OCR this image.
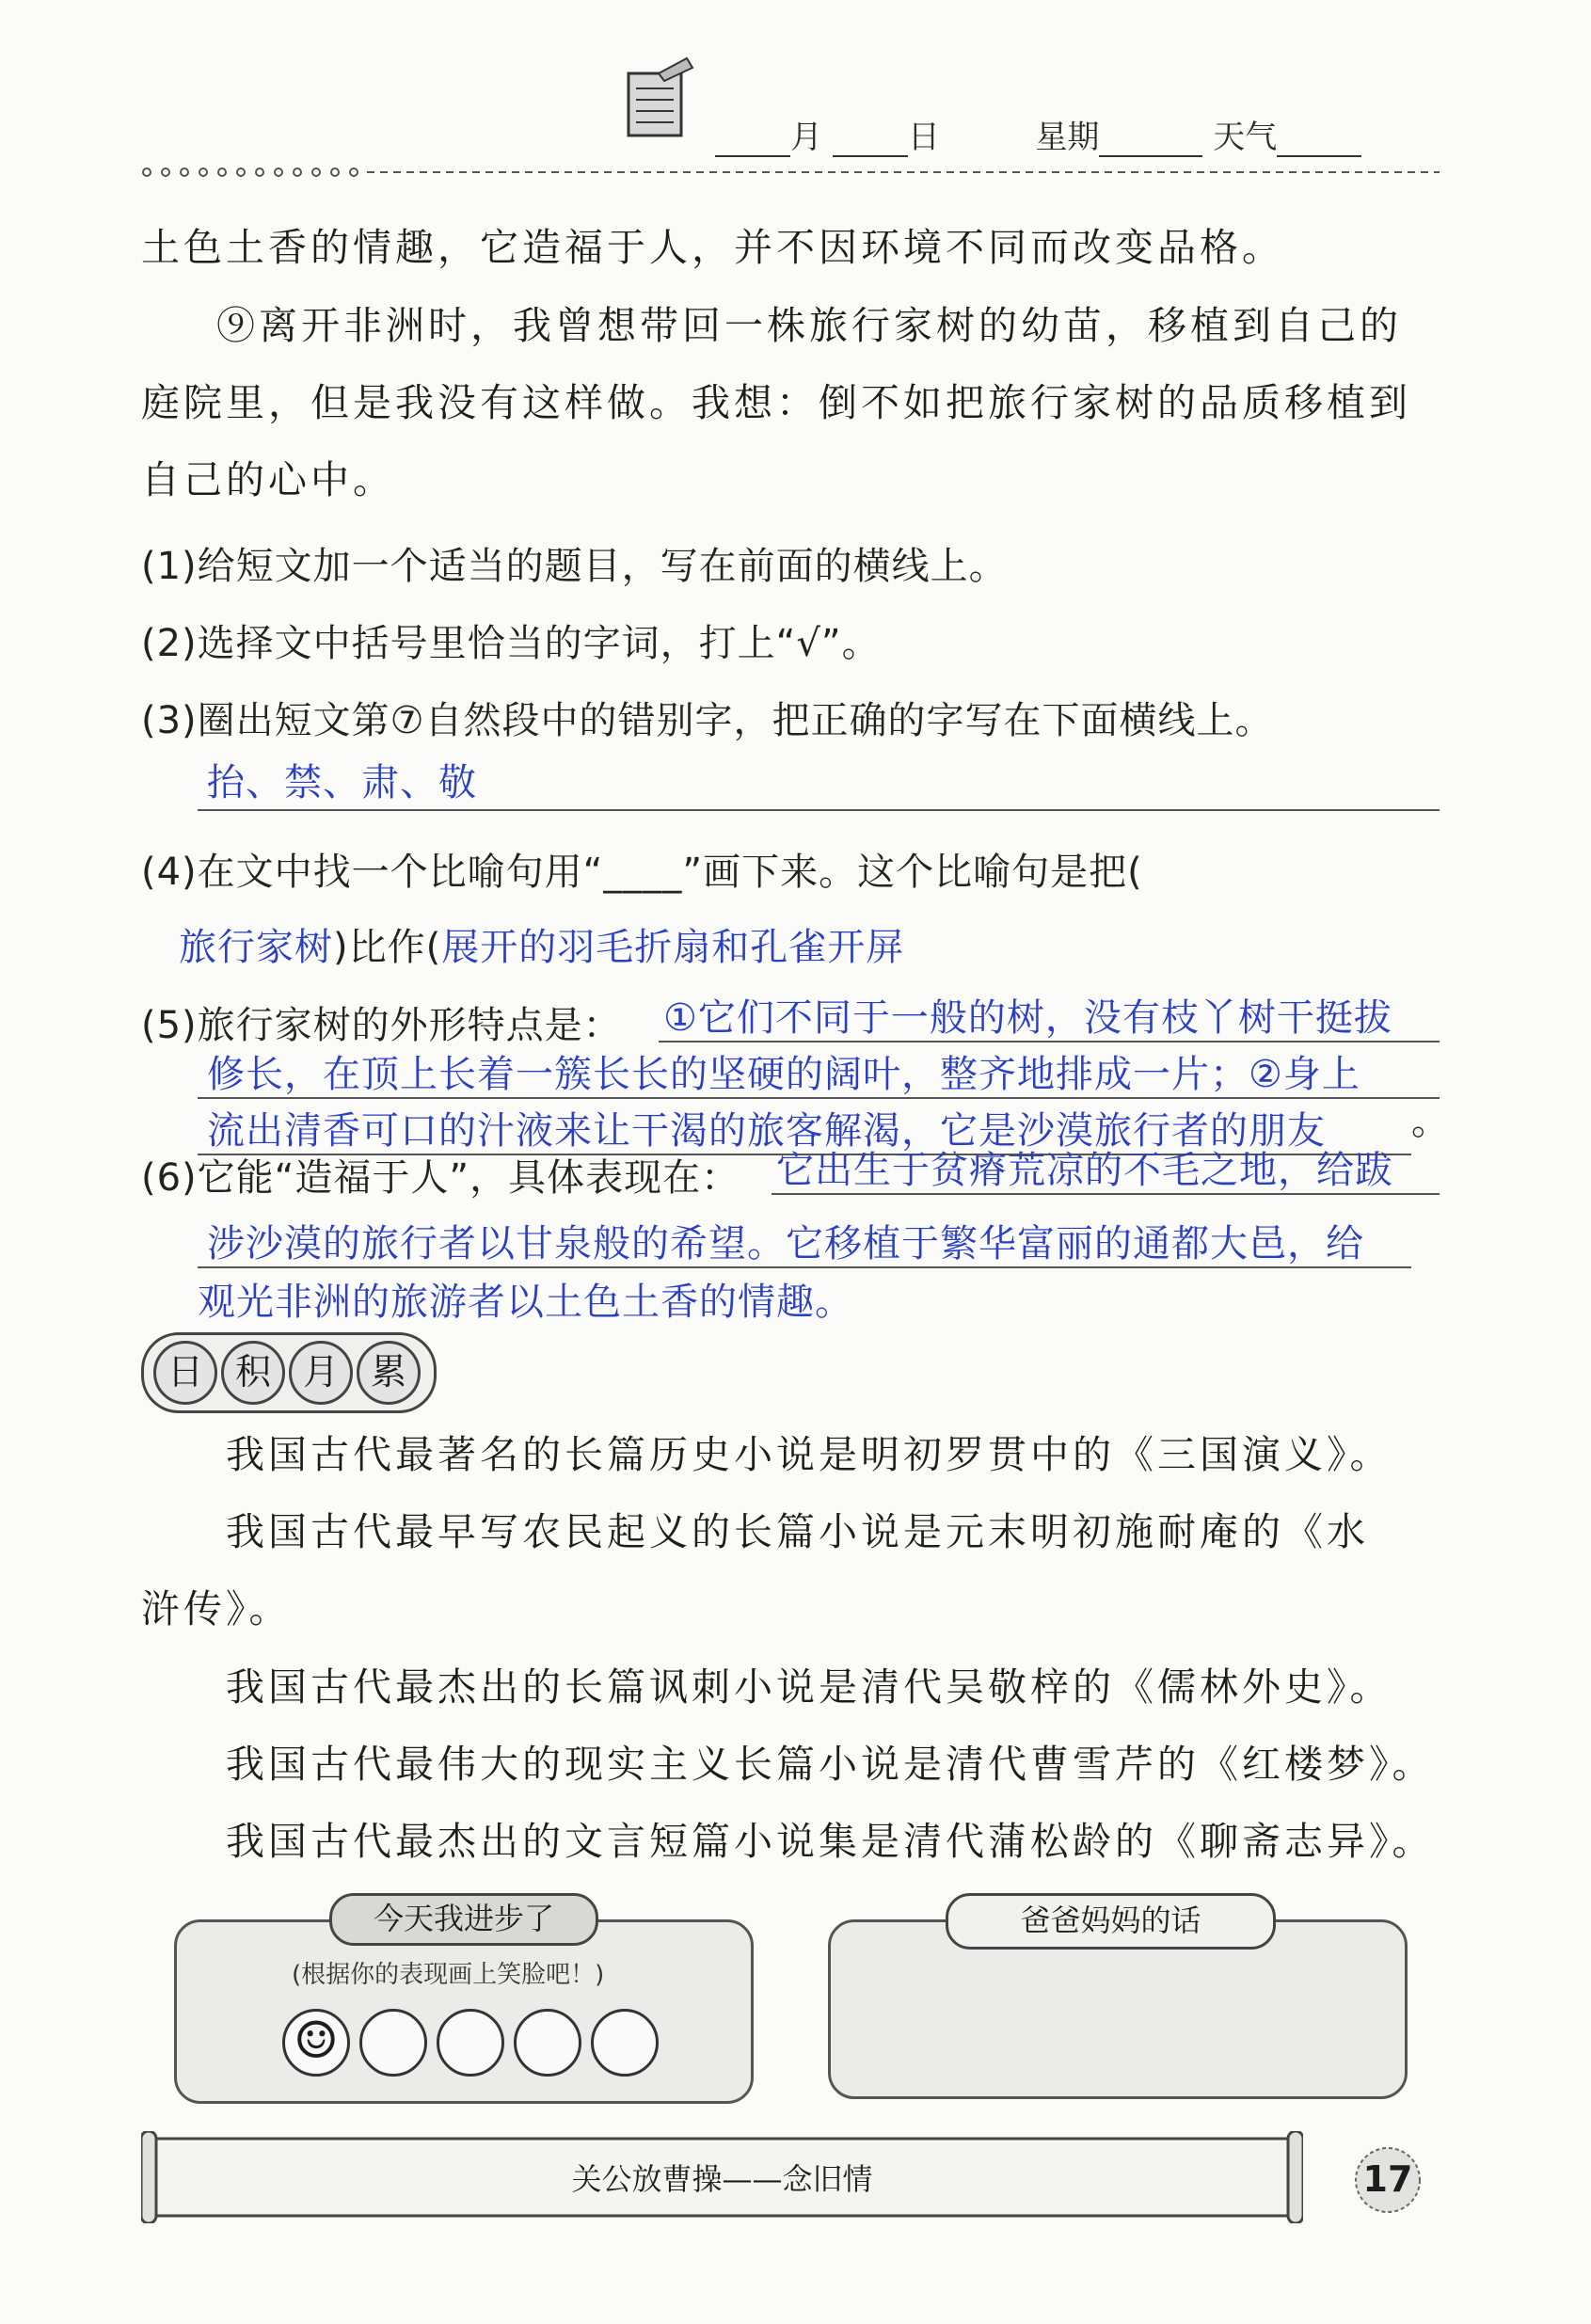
月	日	星期	天气
土色土香的情趣，它造福于人，并不因环境不同而改变品格。
⑨离开非洲时，我曾想带回一株旅行家树的幼苗，移植到自己的
庭院里，但是我没有这样做。我想：倒不如把旅行家树的品质移植到
自己的心中。
(1)给短文加一个适当的题目，写在前面的横线上。
(2)选择文中括号里恰当的字词，打上“√”。
(3)圈出短文第⑦自然段中的错别字，把正确的字写在下面横线上。
抬、禁、肃、敬
(4)在文中找一个比喻句用“____”画下来。这个比喻句是把(
旅行家树)比作(展开的羽毛折扇和孔雀开屏
(5)旅行家树的外形特点是： ①它们不同于一般的树，没有枝丫树干挺拔
修长，在顶上长着一簇长长的坚硬的阔叶，整齐地排成一片；②身上
流出清香可口的汁液来让干渴的旅客解渴，它是沙漠旅行者的朋友 。
(6)它能“造福于人”，具体表现在： 它出生于贫瘠荒凉的不毛之地，给跋
涉沙漠的旅行者以甘泉般的希望。它移植于繁华富丽的通都大邑，给
观光非洲的旅游者以土色土香的情趣。
日 积 月 累
我国古代最著名的长篇历史小说是明初罗贯中的《三国演义》。
我国古代最早写农民起义的长篇小说是元末明初施耐庵的《水
浒传》。
我国古代最杰出的长篇讽刺小说是清代吴敬梓的《儒林外史》。
我国古代最伟大的现实主义长篇小说是清代曹雪芹的《红楼梦》。
我国古代最杰出的文言短篇小说集是清代蒲松龄的《聊斋志异》。
今天我进步了
(根据你的表现画上笑脸吧！)
☺
爸爸妈妈的话
关公放曹操——念旧情	17
